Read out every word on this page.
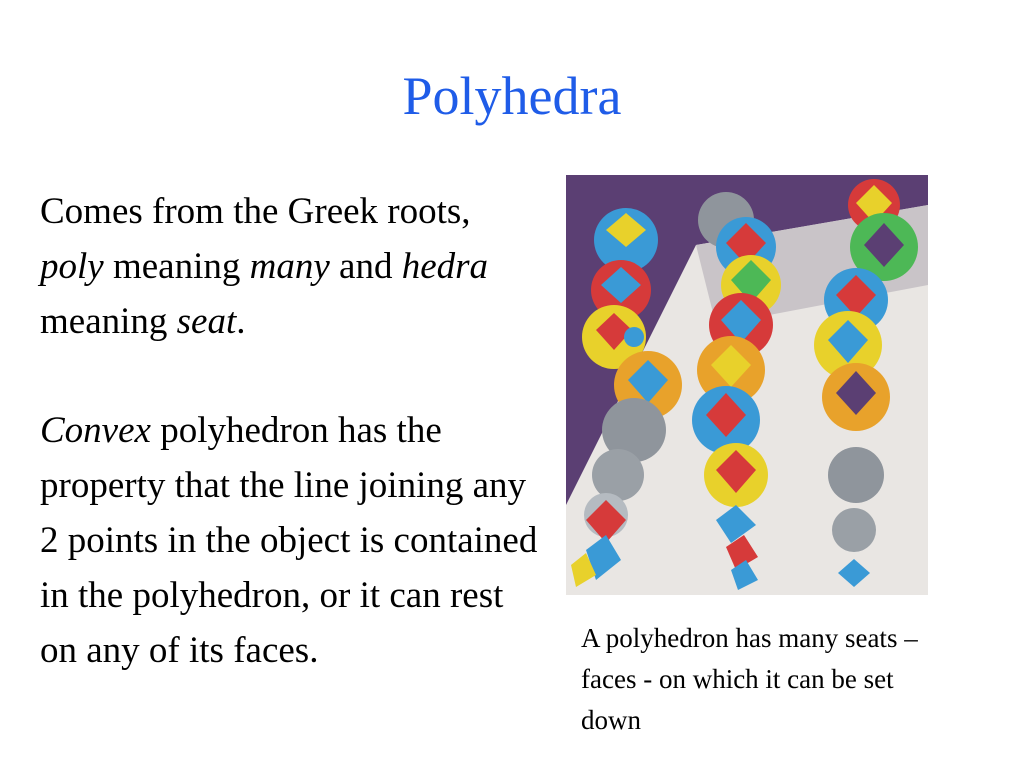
Polyhedra

Comes from the Greek roots, poly meaning many and hedra meaning seat.

Convex polyhedron has the property that the line joining any 2 points in the object is contained in the polyhedron, or it can rest on any of its faces.	A polyhedron has many seats – faces - on which it can be set down
